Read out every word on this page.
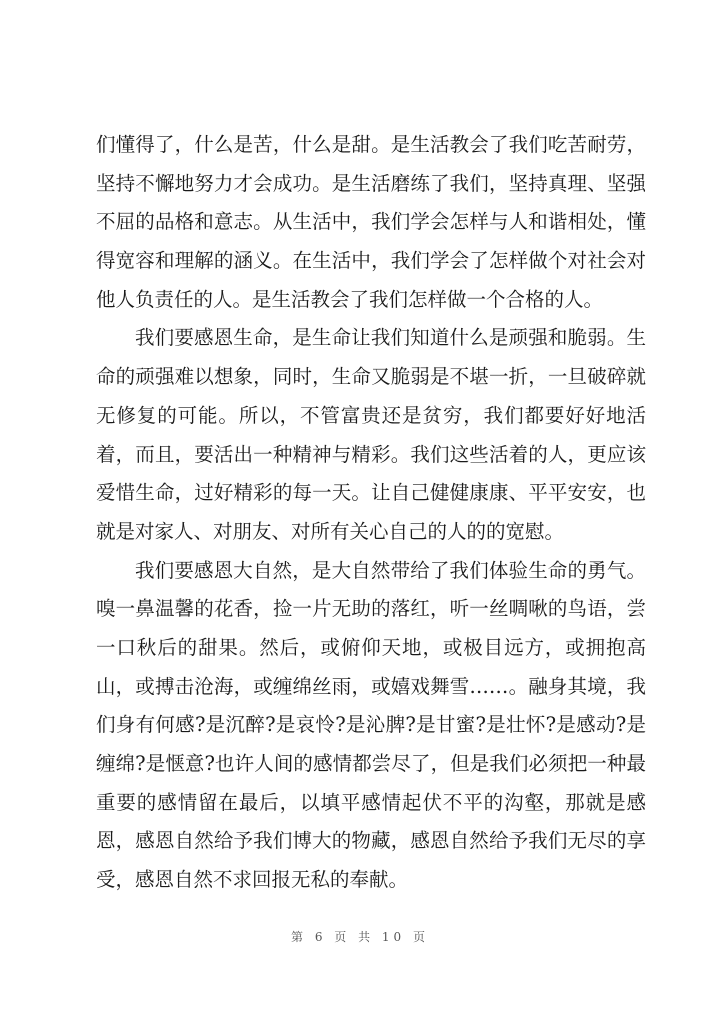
们懂得了，什么是苦，什么是甜。是生活教会了我们吃苦耐劳，
坚持不懈地努力才会成功。是生活磨练了我们，坚持真理、坚强
不屈的品格和意志。从生活中，我们学会怎样与人和谐相处，懂
得宽容和理解的涵义。在生活中，我们学会了怎样做个对社会对
他人负责任的人。是生活教会了我们怎样做一个合格的人。
我们要感恩生命，是生命让我们知道什么是顽强和脆弱。生
命的顽强难以想象，同时，生命又脆弱是不堪一折，一旦破碎就
无修复的可能。所以，不管富贵还是贫穷，我们都要好好地活
着，而且，要活出一种精神与精彩。我们这些活着的人，更应该
爱惜生命，过好精彩的每一天。让自己健健康康、平平安安，也
就是对家人、对朋友、对所有关心自己的人的的宽慰。
我们要感恩大自然，是大自然带给了我们体验生命的勇气。
嗅一鼻温馨的花香，捡一片无助的落红，听一丝啁啾的鸟语，尝
一口秋后的甜果。然后，或俯仰天地，或极目远方，或拥抱高
山，或搏击沧海，或缠绵丝雨，或嬉戏舞雪……。融身其境，我
们身有何感?是沉醉?是哀怜?是沁脾?是甘蜜?是壮怀?是感动?是
缠绵?是惬意?也许人间的感情都尝尽了，但是我们必须把一种最
重要的感情留在最后，以填平感情起伏不平的沟壑，那就是感
恩，感恩自然给予我们博大的物藏，感恩自然给予我们无尽的享
受，感恩自然不求回报无私的奉献。
第 6 页 共 10 页
